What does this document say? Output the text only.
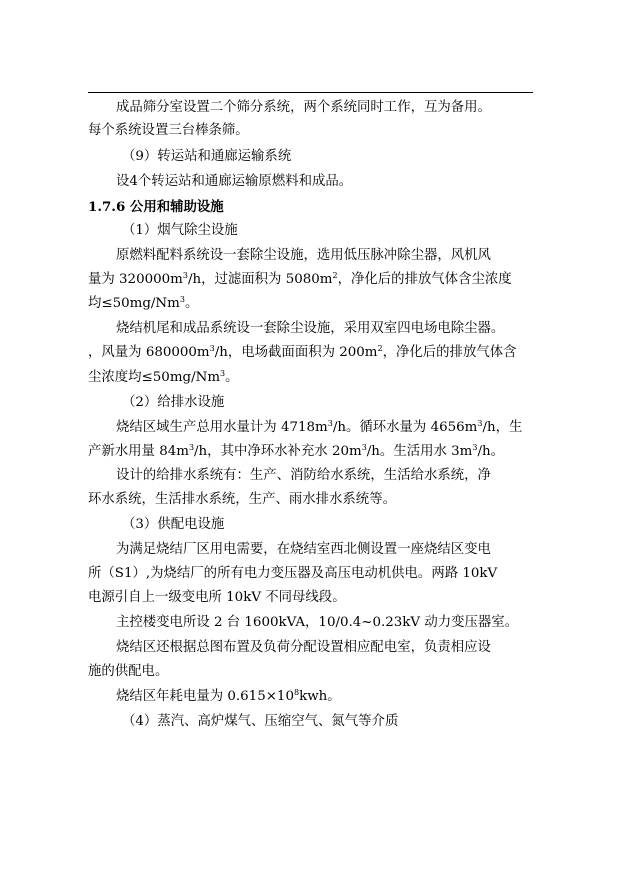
成品筛分室设置二个筛分系统，两个系统同时工作，互为备用。
每个系统设置三台棒条筛。
（9）转运站和通廊运输系统
设4个转运站和通廊运输原燃料和成品。
1.7.6 公用和辅助设施
（1）烟气除尘设施
原燃料配料系统设一套除尘设施，选用低压脉冲除尘器，风机风
量为 $320000m^3/h$，过滤面积为 $5080m^2$，净化后的排放气体含尘浓度
均$\le 50mg/Nm^3$。
烧结机尾和成品系统设一套除尘设施，采用双室四电场电除尘器。
，风量为 $680000m^3/h$，电场截面面积为 $200m^2$，净化后的排放气体含
尘浓度均$\le 50mg/Nm^3$。
（2）给排水设施
烧结区域生产总用水量计为 $4718m^3/h$。循环水量为 $4656m^3/h$，生
产新水用量 $84m^3/h$，其中净环水补充水 $20m^3/h$。生活用水 $3m^3/h$。
设计的给排水系统有：生产、消防给水系统，生活给水系统，净
环水系统，生活排水系统，生产、雨水排水系统等。
（3）供配电设施
为满足烧结厂区用电需要，在烧结室西北侧设置一座烧结区变电
所（S1）,为烧结厂的所有电力变压器及高压电动机供电。两路 10kV
电源引自上一级变电所 10kV 不同母线段。
主控楼变电所设 2 台 1600kVA，10/0.4~0.23kV 动力变压器室。
烧结区还根据总图布置及负荷分配设置相应配电室，负责相应设
施的供配电。
烧结区年耗电量为 $0.615\times 10^8kwh$。
（4）蒸汽、高炉煤气、压缩空气、氮气等介质
